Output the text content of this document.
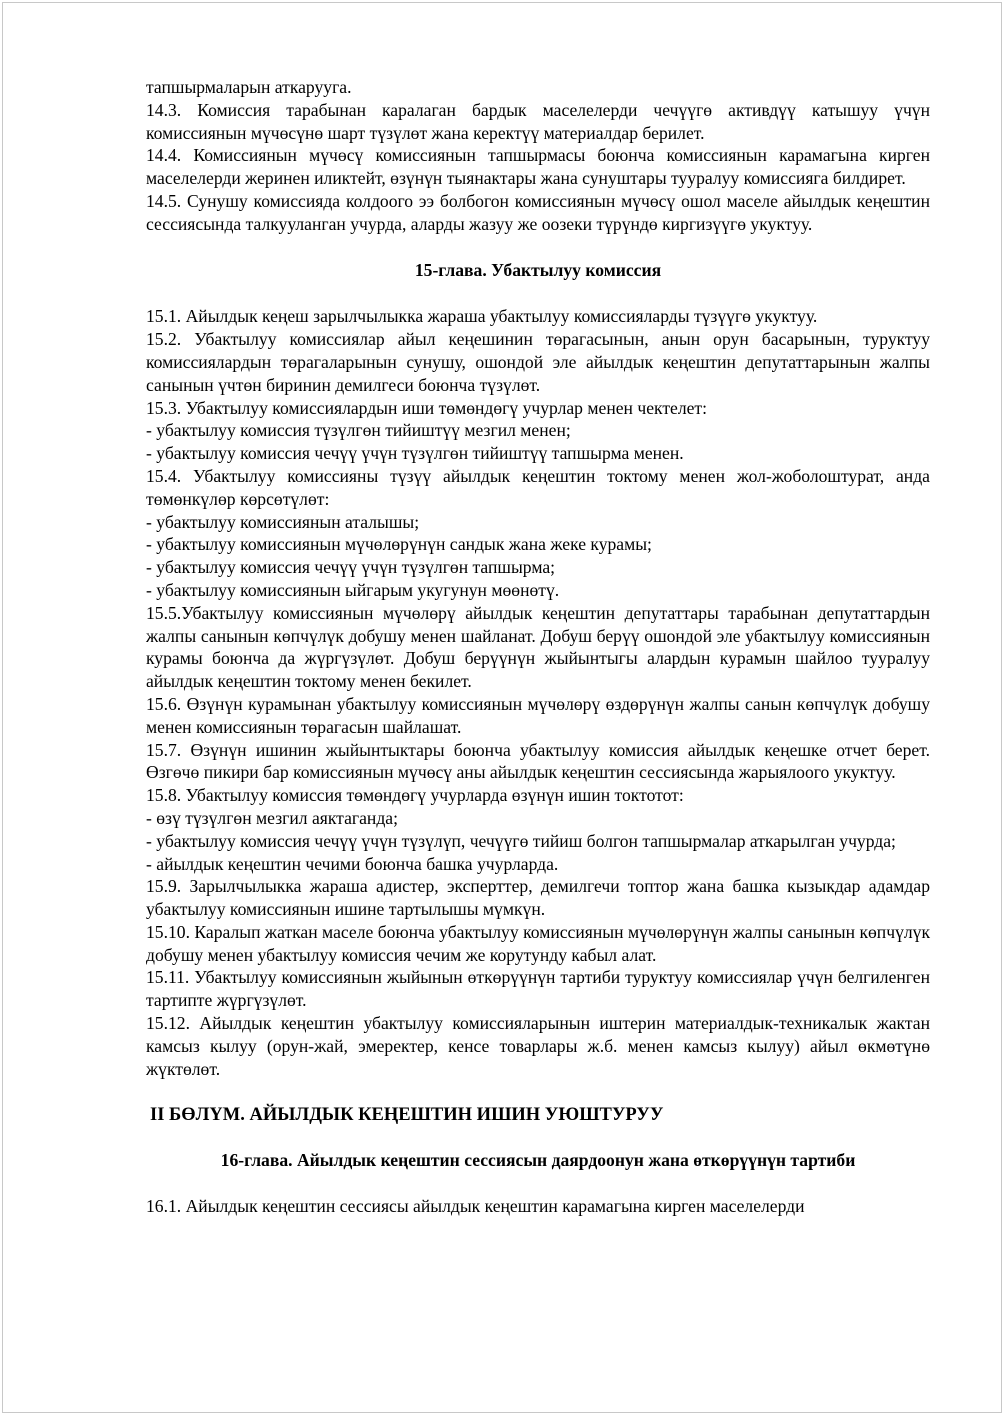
тапшырмаларын аткарууга.

14.3. Комиссия тарабынан каралаган бардык маселелерди чечүүгө активдүү катышуу үчүн комиссиянын мүчөсүнө шарт түзүлөт жана керектүү материалдар берилет.

14.4. Комиссиянын мүчөсү комиссиянын тапшырмасы боюнча комиссиянын карамагына кирген маселелерди жеринен иликтейт, өзүнүн тыянактары жана сунуштары тууралуу комиссияга билдирет.

14.5. Сунушу комиссияда колдоого ээ болбогон комиссиянын мүчөсү ошол маселе айылдык кеңештин сессиясында талкууланган учурда, аларды жазуу же оозеки түрүндө киргизүүгө укуктуу.

15-глава. Убактылуу комиссия

15.1. Айылдык кеңеш зарылчылыкка жараша убактылуу комиссияларды түзүүгө укуктуу.

15.2. Убактылуу комиссиялар айыл кеңешинин төрагасынын, анын орун басарынын, туруктуу комиссиялардын төрагаларынын сунушу, ошондой эле айылдык кеңештин депутаттарынын жалпы санынын үчтөн биринин демилгеси боюнча түзүлөт.

15.3. Убактылуу комиссиялардын иши төмөндөгү учурлар менен чектелет:

- убактылуу комиссия түзүлгөн тийиштүү мезгил менен;

- убактылуу комиссия чечүү үчүн түзүлгөн тийиштүү тапшырма менен.

15.4. Убактылуу комиссияны түзүү айылдык кеңештин токтому менен жол-жоболоштурат, анда төмөнкүлөр көрсөтүлөт:

- убактылуу комиссиянын аталышы;

- убактылуу комиссиянын мүчөлөрүнүн сандык жана жеке курамы;

- убактылуу комиссия чечүү үчүн түзүлгөн тапшырма;

- убактылуу комиссиянын ыйгарым укугунун мөөнөтү.

15.5.Убактылуу комиссиянын мүчөлөрү айылдык кеңештин депутаттары тарабынан депутаттардын жалпы санынын көпчүлүк добушу менен шайланат. Добуш берүү ошондой эле убактылуу комиссиянын курамы боюнча да жүргүзүлөт. Добуш берүүнүн жыйынтыгы алардын курамын шайлоо тууралуу айылдык кеңештин токтому менен бекилет.

15.6. Өзүнүн курамынан убактылуу комиссиянын мүчөлөрү өздөрүнүн жалпы санын көпчүлүк добушу менен комиссиянын төрагасын шайлашат.

15.7. Өзүнүн ишинин жыйынтыктары боюнча убактылуу комиссия айылдык кеңешке отчет берет. Өзгөчө пикири бар комиссиянын мүчөсү аны айылдык кеңештин сессиясында жарыялоого укуктуу.

15.8. Убактылуу комиссия төмөндөгү учурларда өзүнүн ишин токтотот:

- өзү түзүлгөн мезгил аяктаганда;

- убактылуу комиссия чечүү үчүн түзүлүп, чечүүгө тийиш болгон тапшырмалар аткарылган учурда;

- айылдык кеңештин чечими боюнча башка учурларда.

15.9. Зарылчылыкка жараша адистер, эксперттер, демилгечи топтор жана башка кызыкдар адамдар убактылуу комиссиянын ишине тартылышы мүмкүн.

15.10. Каралып жаткан маселе боюнча убактылуу комиссиянын мүчөлөрүнүн жалпы санынын көпчүлүк добушу менен убактылуу комиссия чечим же корутунду кабыл алат.

15.11. Убактылуу комиссиянын жыйынын өткөрүүнүн тартиби туруктуу комиссиялар үчүн белгиленген тартипте жүргүзүлөт.

15.12. Айылдык кеңештин убактылуу комиссияларынын иштерин материалдык-техникалык жактан камсыз кылуу (орун-жай, эмеректер, кенсе товарлары ж.б. менен камсыз кылуу) айыл өкмөтүнө жүктөлөт.

II БӨЛҮМ. АЙЫЛДЫК КЕҢЕШТИН ИШИН УЮШТУРУУ

16-глава. Айылдык кеңештин сессиясын даярдоонун жана өткөрүүнүн тартиби

16.1. Айылдык кеңештин сессиясы айылдык кеңештин карамагына кирген маселелерди
